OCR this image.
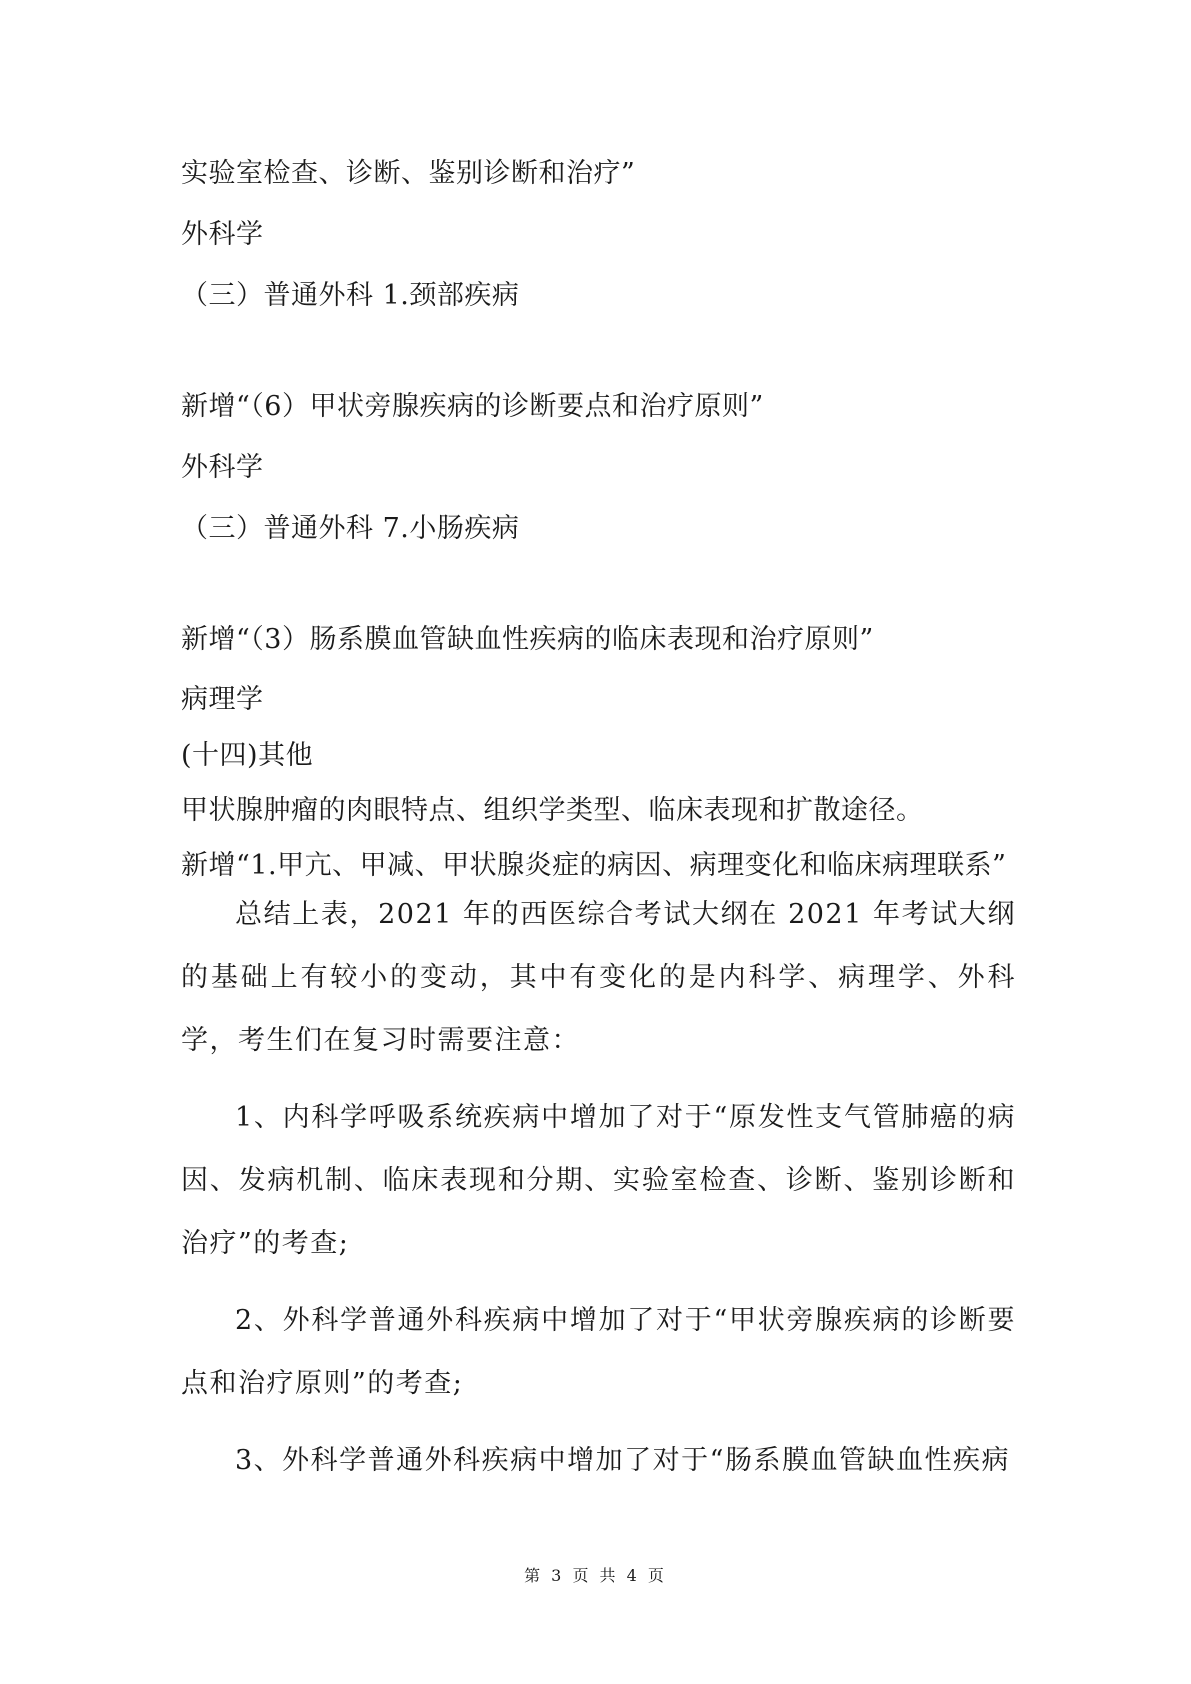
实验室检查、诊断、鉴别诊断和治疗”
外科学
（三）普通外科 1.颈部疾病
新增“（6）甲状旁腺疾病的诊断要点和治疗原则”
外科学
（三）普通外科 7.小肠疾病
新增“（3）肠系膜血管缺血性疾病的临床表现和治疗原则”
病理学
(十四)其他
甲状腺肿瘤的肉眼特点、组织学类型、临床表现和扩散途径。
新增“1.甲亢、甲减、甲状腺炎症的病因、病理变化和临床病理联系”

总结上表，2021 年的西医综合考试大纲在 2021 年考试大纲的基础上有较小的变动，其中有变化的是内科学、病理学、外科学，考生们在复习时需要注意：

1、内科学呼吸系统疾病中增加了对于“原发性支气管肺癌的病因、发病机制、临床表现和分期、实验室检查、诊断、鉴别诊断和治疗”的考查;

2、外科学普通外科疾病中增加了对于“甲状旁腺疾病的诊断要点和治疗原则”的考查;

3、外科学普通外科疾病中增加了对于“肠系膜血管缺血性疾病

第 3 页 共 4 页
